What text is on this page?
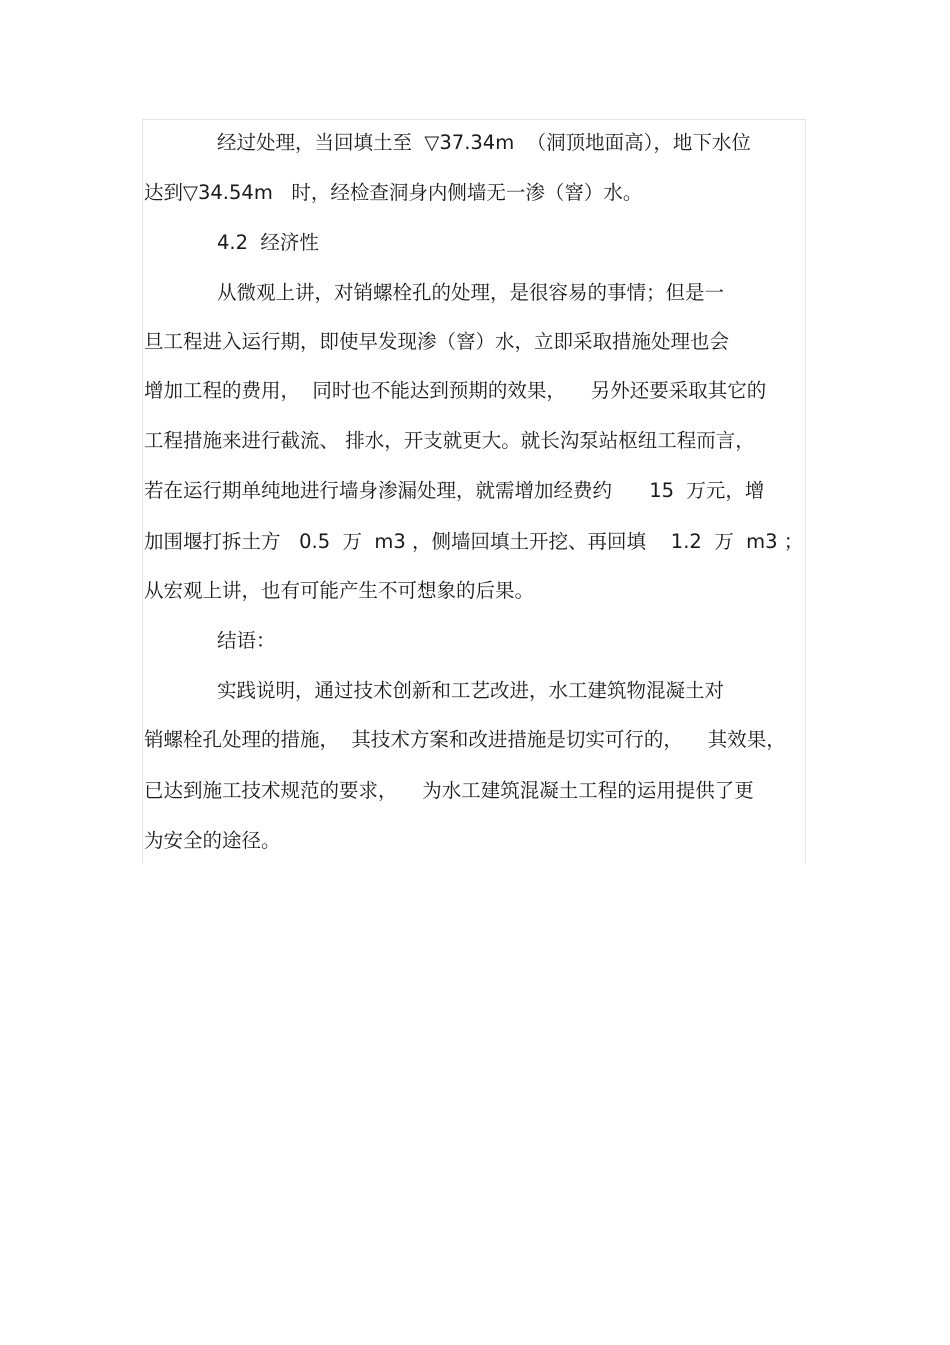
经过处理，当回填土至  ▽37.34m  （洞顶地面高），地下水位
达到▽34.54m   时，经检查洞身内侧墙无一渗（窨）水。
4.2  经济性
从微观上讲，对销螺栓孔的处理，是很容易的事情；但是一
旦工程进入运行期，即使早发现渗（窨）水，立即采取措施处理也会
增加工程的费用，  同时也不能达到预期的效果，    另外还要采取其它的
工程措施来进行截流、 排水，开支就更大。就长沟泵站枢纽工程而言，
若在运行期单纯地进行墙身渗漏处理，就需增加经费约      15  万元，增
加围堰打拆土方   0.5  万  m3 ，侧墙回填土开挖、再回填    1.2  万  m3 ；
从宏观上讲，也有可能产生不可想象的后果。
结语：
实践说明，通过技术创新和工艺改进，水工建筑物混凝土对
销螺栓孔处理的措施，  其技术方案和改进措施是切实可行的，    其效果，
已达到施工技术规范的要求，    为水工建筑混凝土工程的运用提供了更
为安全的途径。
